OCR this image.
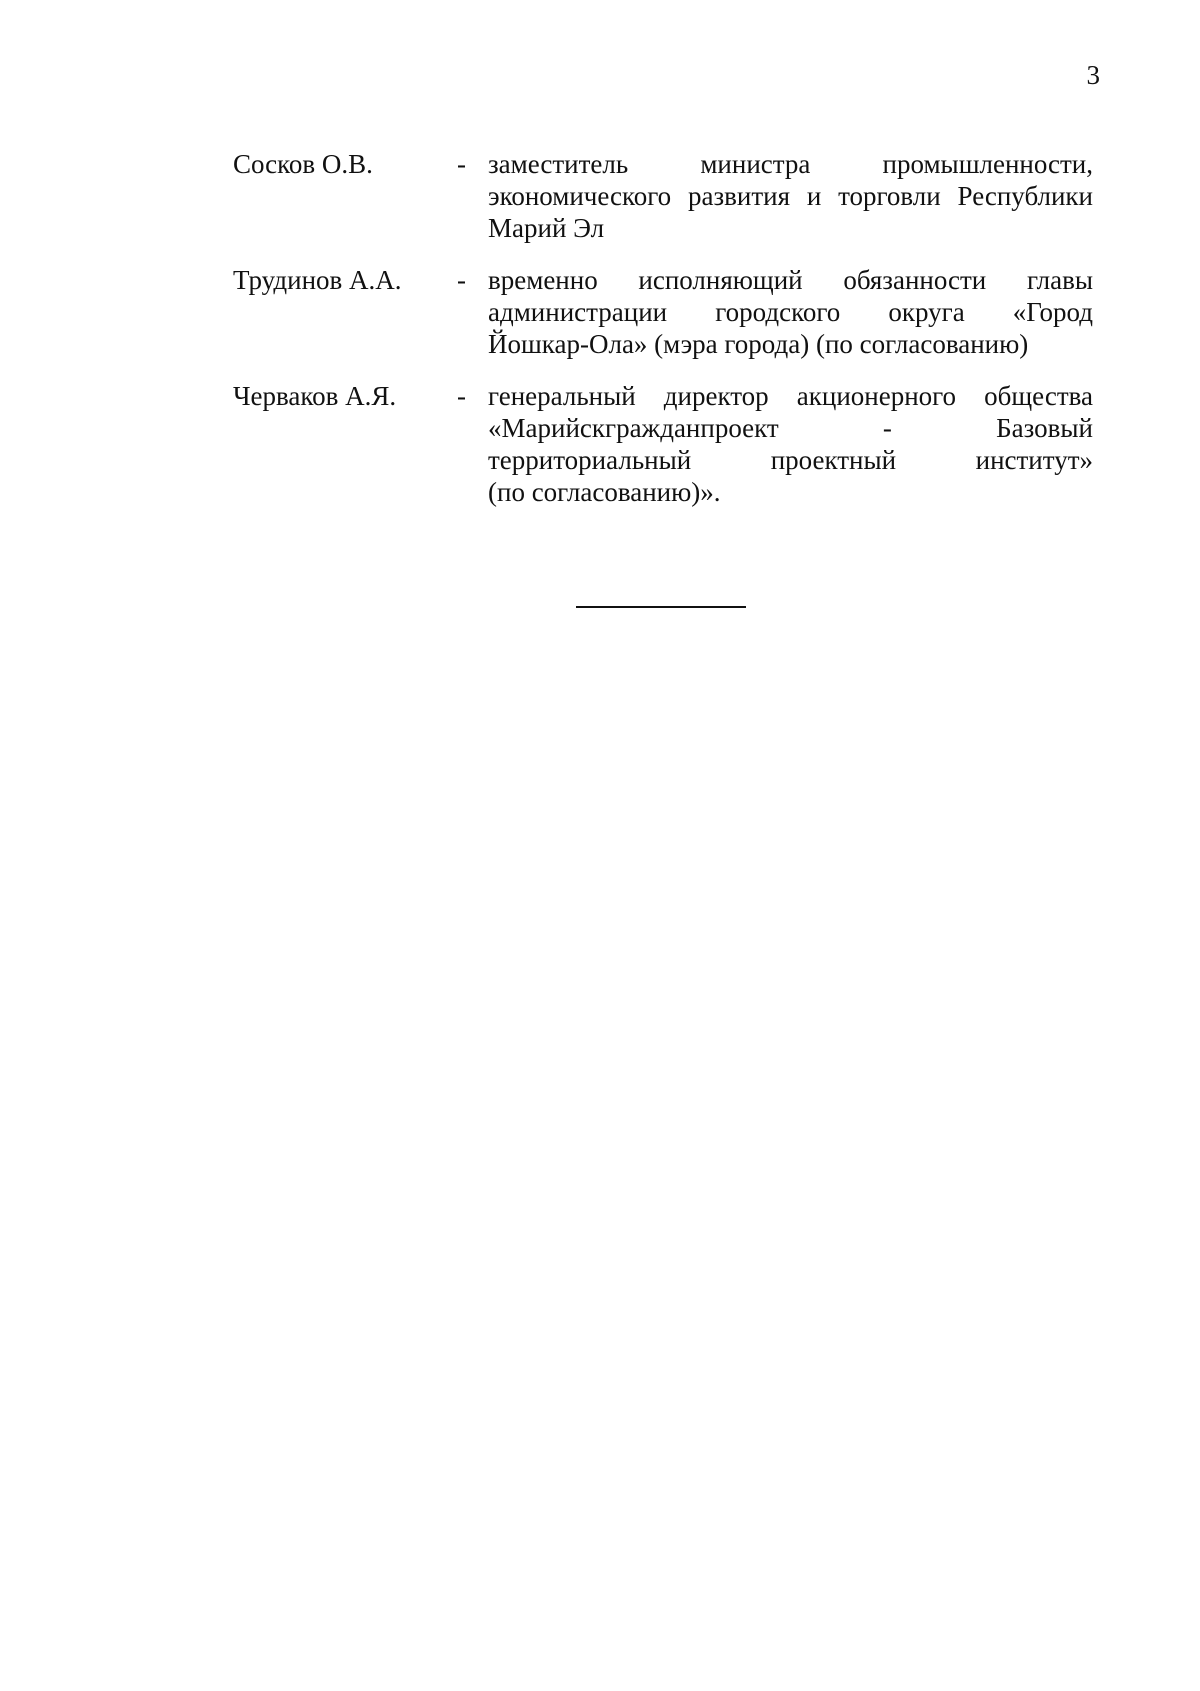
3
Сосков О.В.	- заместитель министра промышленности,
экономического развития и торговли Республики
Марий Эл
Трудинов А.А.	- временно исполняющий обязанности главы
администрации городского округа «Город
Йошкар-Ола» (мэра города) (по согласованию)
Черваков А.Я.	- генеральный директор акционерного общества
«Марийскгражданпроект - Базовый
территориальный проектный институт»
(по согласованию)».
